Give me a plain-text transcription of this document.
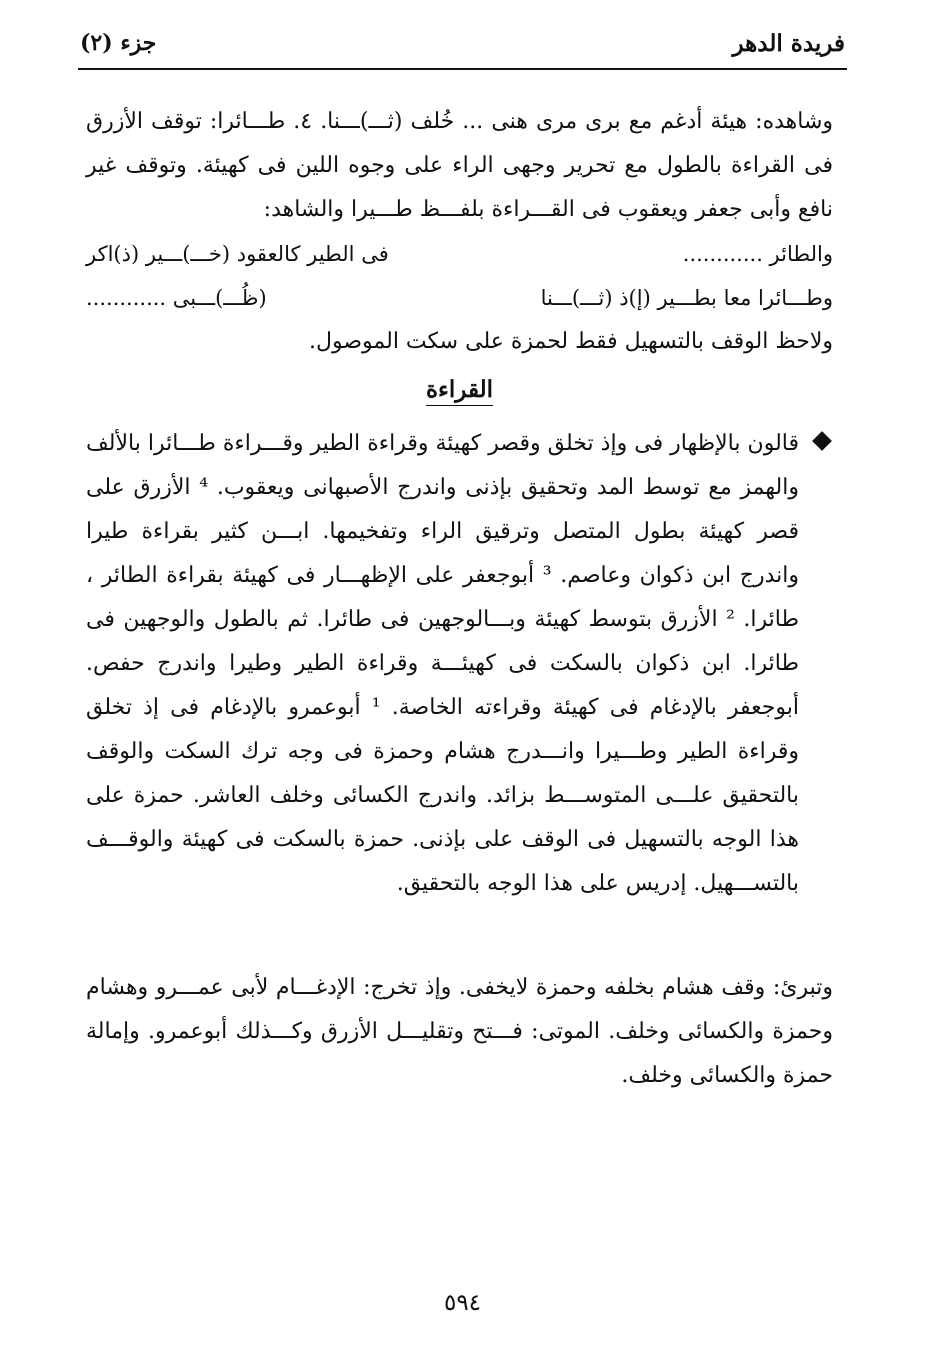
فريدة الدهر
جزء (٢)

وشاهده: هيئة أدغم مع برى مرى هنى ... خُلف (ثـــ)ـــنا. ٤. طـــائرا: توقف الأزرق فى القراءة بالطول مع تحرير وجهى الراء على وجوه اللين فى كهيئة. وتوقف غير نافع وأبى جعفر ويعقوب فى القـــراءة بلفـــظ طـــيرا والشاهد:

والطائر ............
فى الطير كالعقود (خـــ)ـــير (ذ)اكر
وطـــائرا معا بطـــير (إ)ذ (ثـــ)ـــنا
(ظُـــ)ـــبى ............

ولاحظ الوقف بالتسهيل فقط لحمزة على سكت الموصول.

القراءة

قالون بالإظهار فى وإذ تخلق وقصر كهيئة وقراءة الطير وقـــراءة طـــائرا بالألف والهمز مع توسط المد وتحقيق بإذنى واندرج الأصبهانى ويعقوب. ⁴ الأزرق على قصر كهيئة بطول المتصل وترقيق الراء وتفخيمها. ابـــن كثير بقراءة طيرا واندرج ابن ذكوان وعاصم. ³ أبوجعفر على الإظهـــار فى كهيئة بقراءة الطائر ، طائرا. ² الأزرق بتوسط كهيئة وبـــالوجهين فى طائرا. ثم بالطول والوجهين فى طائرا. ابن ذكوان بالسكت فى كهيئـــة وقراءة الطير وطيرا واندرج حفص. أبوجعفر بالإدغام فى كهيئة وقراءته الخاصة. ¹ أبوعمرو بالإدغام فى إذ تخلق وقراءة الطير وطـــيرا وانـــدرج هشام وحمزة فى وجه ترك السكت والوقف بالتحقيق علـــى المتوســـط بزائد. واندرج الكسائى وخلف العاشر. حمزة على هذا الوجه بالتسهيل فى الوقف على بإذنى. حمزة بالسكت فى كهيئة والوقـــف بالتســـهيل. إدريس على هذا الوجه بالتحقيق.

وتبرئ: وقف هشام بخلفه وحمزة لايخفى. وإذ تخرج: الإدغـــام لأبى عمـــرو وهشام وحمزة والكسائى وخلف. الموتى: فـــتح وتقليـــل الأزرق وكـــذلك أبوعمرو. وإمالة حمزة والكسائى وخلف.

٥٩٤
